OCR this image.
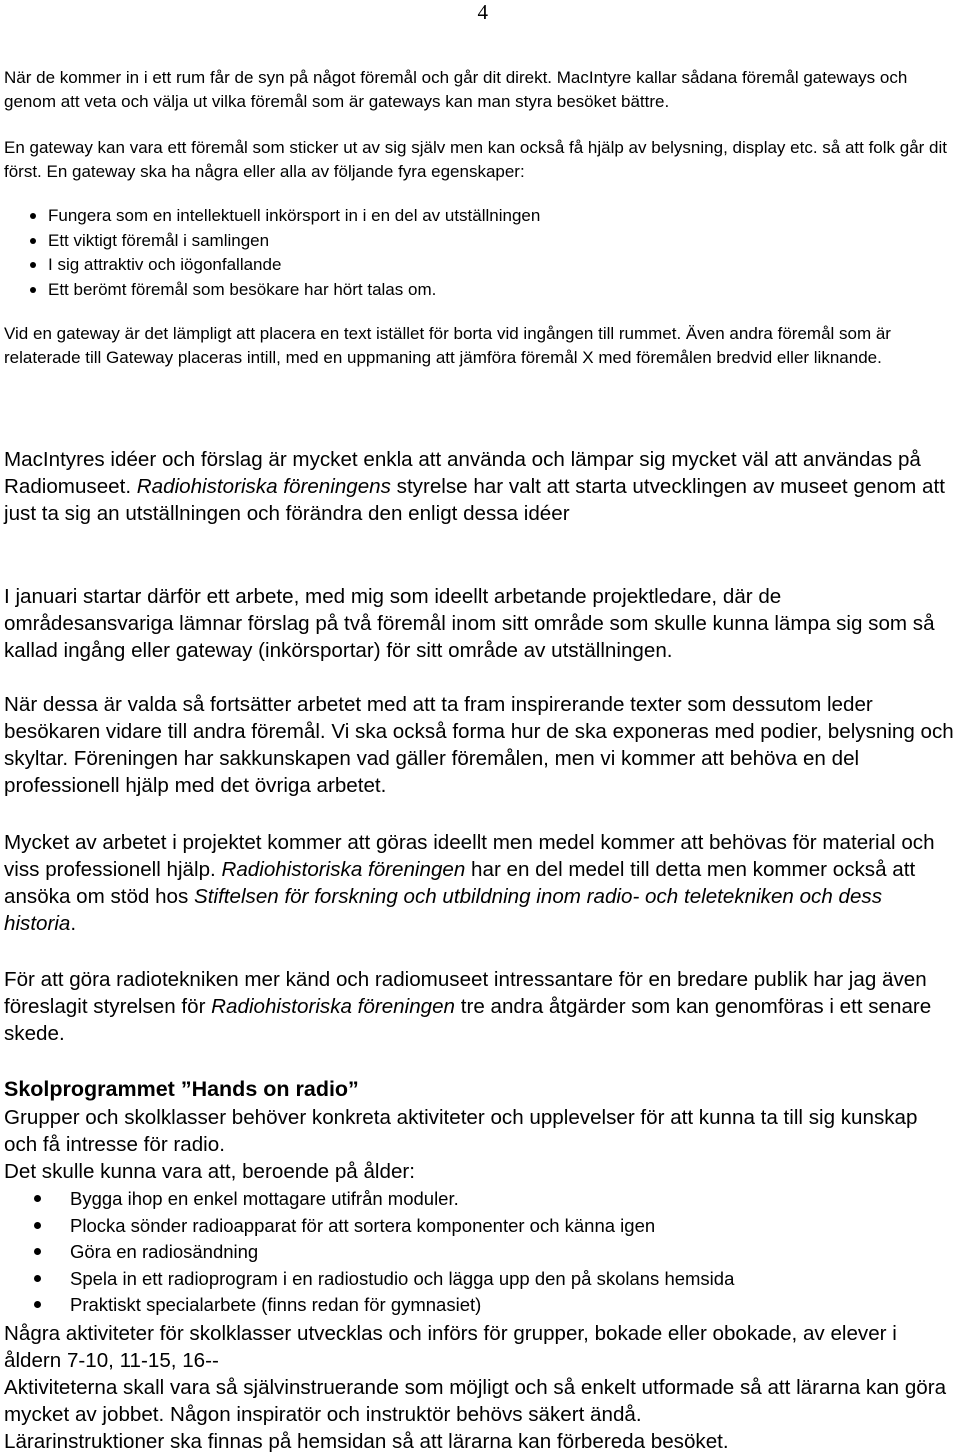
4

När de kommer in i ett rum får de syn på något föremål och går dit direkt. MacIntyre kallar sådana föremål gateways och genom att veta och välja ut vilka föremål som är gateways kan man styra besöket bättre.

En gateway kan vara ett föremål som sticker ut av sig själv men kan också få hjälp av belysning, display etc. så att folk går dit först. En gateway ska ha några eller alla av följande fyra egenskaper:

Fungera som en intellektuell inkörsport in i en del av utställningen
Ett viktigt föremål i samlingen
I sig attraktiv och iögonfallande
Ett berömt föremål som besökare har hört talas om.

Vid en gateway är det lämpligt att placera en text istället för borta vid ingången till rummet. Även andra föremål som är relaterade till Gateway placeras intill, med en uppmaning att jämföra föremål X med föremålen bredvid eller liknande.

MacIntyres idéer och förslag är mycket enkla att använda och lämpar sig mycket väl att användas på Radiomuseet. Radiohistoriska föreningens styrelse har valt att starta utvecklingen av museet genom att just ta sig an utställningen och förändra den enligt dessa idéer

I januari startar därför ett arbete, med mig som ideellt arbetande projektledare, där de områdesansvariga lämnar förslag på två föremål inom sitt område som skulle kunna lämpa sig som så kallad ingång eller gateway (inkörsportar) för sitt område av utställningen.

När dessa är valda så fortsätter arbetet med att ta fram inspirerande texter som dessutom leder besökaren vidare till andra föremål. Vi ska också forma hur de ska exponeras med podier, belysning och skyltar. Föreningen har sakkunskapen vad gäller föremålen, men vi kommer att behöva en del professionell hjälp med det övriga arbetet.

Mycket av arbetet i projektet kommer att göras ideellt men medel kommer att behövas för material och viss professionell hjälp. Radiohistoriska föreningen har en del medel till detta men kommer också att ansöka om stöd hos Stiftelsen för forskning och utbildning inom radio- och teletekniken och dess historia.

För att göra radiotekniken mer känd och radiomuseet intressantare för en bredare publik har jag även föreslagit styrelsen för Radiohistoriska föreningen tre andra åtgärder som kan genomföras i ett senare skede.

Skolprogrammet ”Hands on radio”

Grupper och skolklasser behöver konkreta aktiviteter och upplevelser för att kunna ta till sig kunskap och få intresse för radio.

Det skulle kunna vara att, beroende på ålder:

Bygga ihop en enkel mottagare utifrån moduler.
Plocka sönder radioapparat för att sortera komponenter och känna igen
Göra en radiosändning
Spela in ett radioprogram i en radiostudio och lägga upp den på skolans hemsida
Praktiskt specialarbete (finns redan för gymnasiet)

Några aktiviteter för skolklasser utvecklas och införs för grupper, bokade eller obokade, av elever i åldern 7-10, 11-15, 16--

Aktiviteterna skall vara så självinstruerande som möjligt och så enkelt utformade så att lärarna kan göra mycket av jobbet. Någon inspiratör och instruktör behövs säkert ändå.

Lärarinstruktioner ska finnas på hemsidan så att lärarna kan förbereda besöket.
